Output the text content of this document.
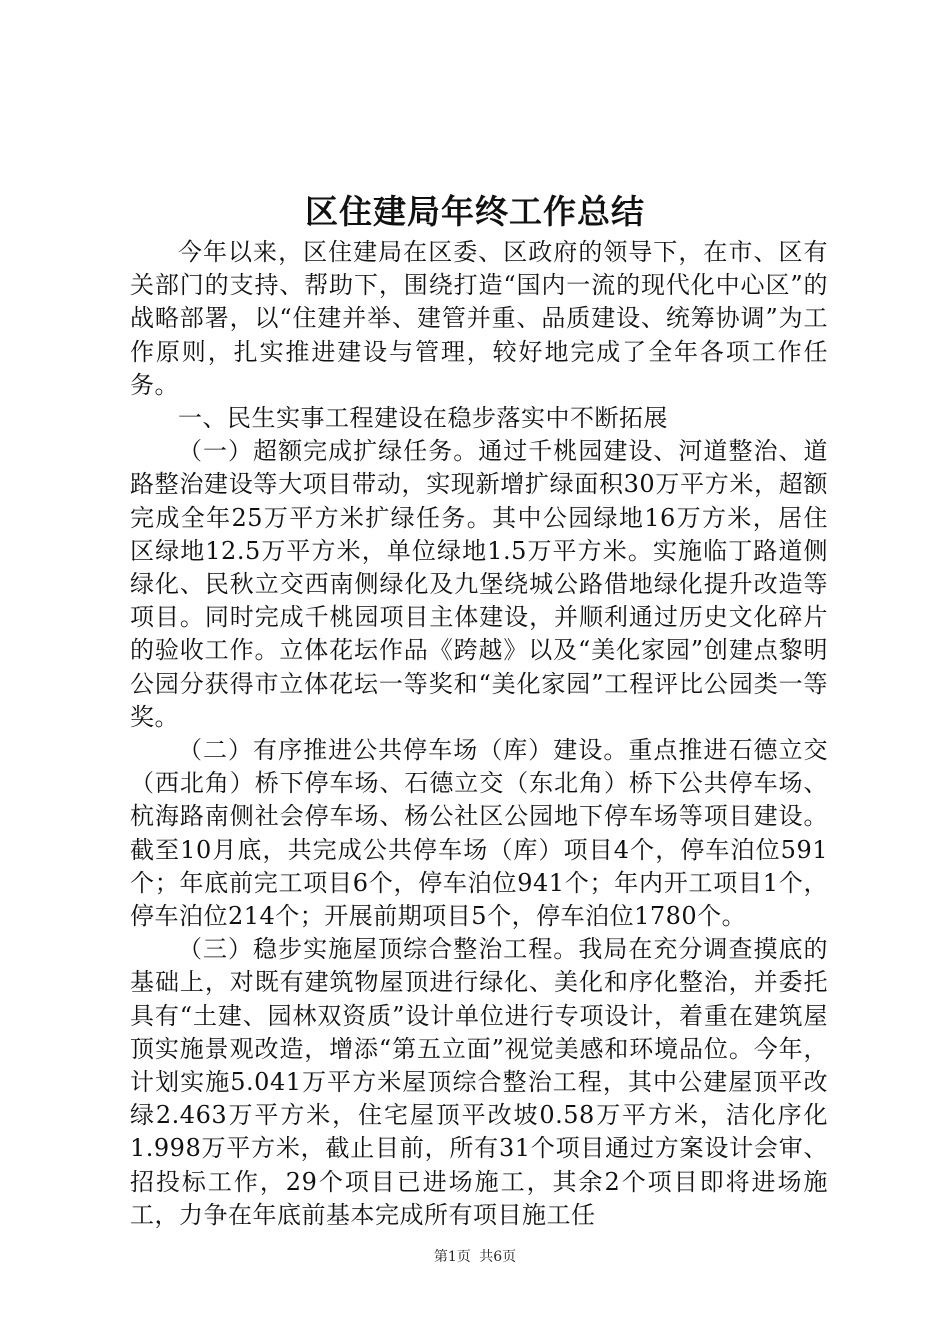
区住建局年终工作总结

今年以来，区住建局在区委、区政府的领导下，在市、区有关部门的支持、帮助下，围绕打造“国内一流的现代化中心区”的战略部署，以“住建并举、建管并重、品质建设、统筹协调”为工作原则，扎实推进建设与管理，较好地完成了全年各项工作任务。

一、民生实事工程建设在稳步落实中不断拓展

（一）超额完成扩绿任务。通过千桃园建设、河道整治、道路整治建设等大项目带动，实现新增扩绿面积30万平方米，超额完成全年25万平方米扩绿任务。其中公园绿地16万方米，居住区绿地12.5万平方米，单位绿地1.5万平方米。实施临丁路道侧绿化、民秋立交西南侧绿化及九堡绕城公路借地绿化提升改造等项目。同时完成千桃园项目主体建设，并顺利通过历史文化碎片的验收工作。立体花坛作品《跨越》以及“美化家园”创建点黎明公园分获得市立体花坛一等奖和“美化家园”工程评比公园类一等奖。

（二）有序推进公共停车场（库）建设。重点推进石德立交（西北角）桥下停车场、石德立交（东北角）桥下公共停车场、杭海路南侧社会停车场、杨公社区公园地下停车场等项目建设。截至10月底，共完成公共停车场（库）项目4个，停车泊位591个；年底前完工项目6个，停车泊位941个；年内开工项目1个，停车泊位214个；开展前期项目5个，停车泊位1780个。

（三）稳步实施屋顶综合整治工程。我局在充分调查摸底的基础上，对既有建筑物屋顶进行绿化、美化和序化整治，并委托具有“土建、园林双资质”设计单位进行专项设计，着重在建筑屋顶实施景观改造，增添“第五立面”视觉美感和环境品位。今年，计划实施5.041万平方米屋顶综合整治工程，其中公建屋顶平改绿2.463万平方米，住宅屋顶平改坡0.58万平方米，洁化序化1.998万平方米，截止目前，所有31个项目通过方案设计会审、招投标工作，29个项目已进场施工，其余2个项目即将进场施工，力争在年底前基本完成所有项目施工任

第1页 共6页
